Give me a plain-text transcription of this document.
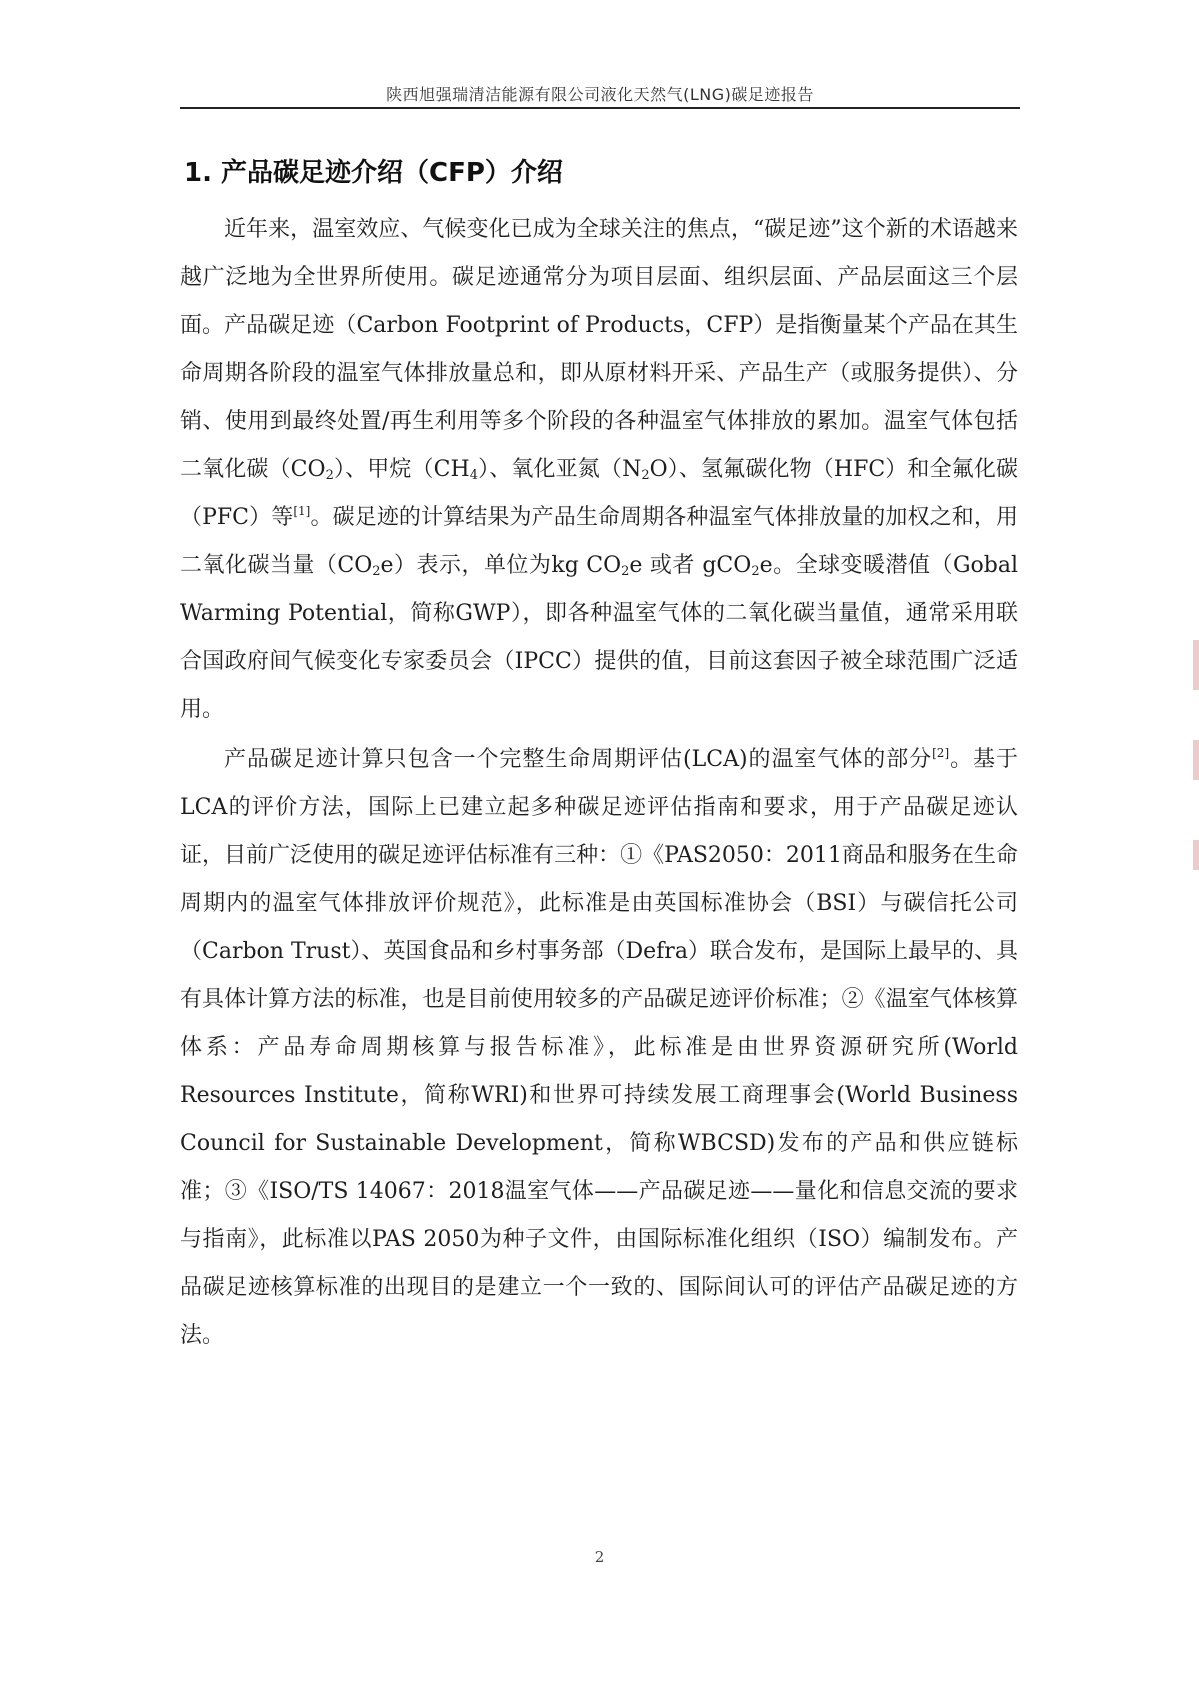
陕西旭强瑞清洁能源有限公司液化天然气(LNG)碳足迹报告
1. 产品碳足迹介绍（CFP）介绍

近年来，温室效应、气候变化已成为全球关注的焦点，“碳足迹”这个新的术语越来越广泛地为全世界所使用。碳足迹通常分为项目层面、组织层面、产品层面这三个层面。产品碳足迹（Carbon Footprint of Products，CFP）是指衡量某个产品在其生命周期各阶段的温室气体排放量总和，即从原材料开采、产品生产（或服务提供）、分销、使用到最终处置/再生利用等多个阶段的各种温室气体排放的累加。温室气体包括二氧化碳$(CO_2)$、甲烷$(CH_4)$、氧化亚氮$(N_2O)$、氢氟碳化物（HFC）和全氟化碳（PFC）等[1]。碳足迹的计算结果为产品生命周期各种温室气体排放量的加权之和，用二氧化碳当量$(CO_2e)$表示，单位为kg $CO_2e$ 或者 gCO$_2$e。全球变暖潜值（Gobal Warming Potential，简称GWP），即各种温室气体的二氧化碳当量值，通常采用联合国政府间气候变化专家委员会（IPCC）提供的值，目前这套因子被全球范围广泛适用。

产品碳足迹计算只包含一个完整生命周期评估(LCA)的温室气体的部分[2]。基于LCA的评价方法，国际上已建立起多种碳足迹评估指南和要求，用于产品碳足迹认证，目前广泛使用的碳足迹评估标准有三种：①《PAS2050：2011商品和服务在生命周期内的温室气体排放评价规范》，此标准是由英国标准协会（BSI）与碳信托公司（Carbon Trust）、英国食品和乡村事务部（Defra）联合发布，是国际上最早的、具有具体计算方法的标准，也是目前使用较多的产品碳足迹评价标准；②《温室气体核算体系：产品寿命周期核算与报告标准》，此标准是由世界资源研究所(World Resources Institute，简称WRI)和世界可持续发展工商理事会(World Business Council for Sustainable Development，简称WBCSD)发布的产品和供应链标准；③《ISO/TS 14067：2018温室气体——产品碳足迹——量化和信息交流的要求与指南》，此标准以PAS 2050为种子文件，由国际标准化组织（ISO）编制发布。产品碳足迹核算标准的出现目的是建立一个一致的、国际间认可的评估产品碳足迹的方法。

2
